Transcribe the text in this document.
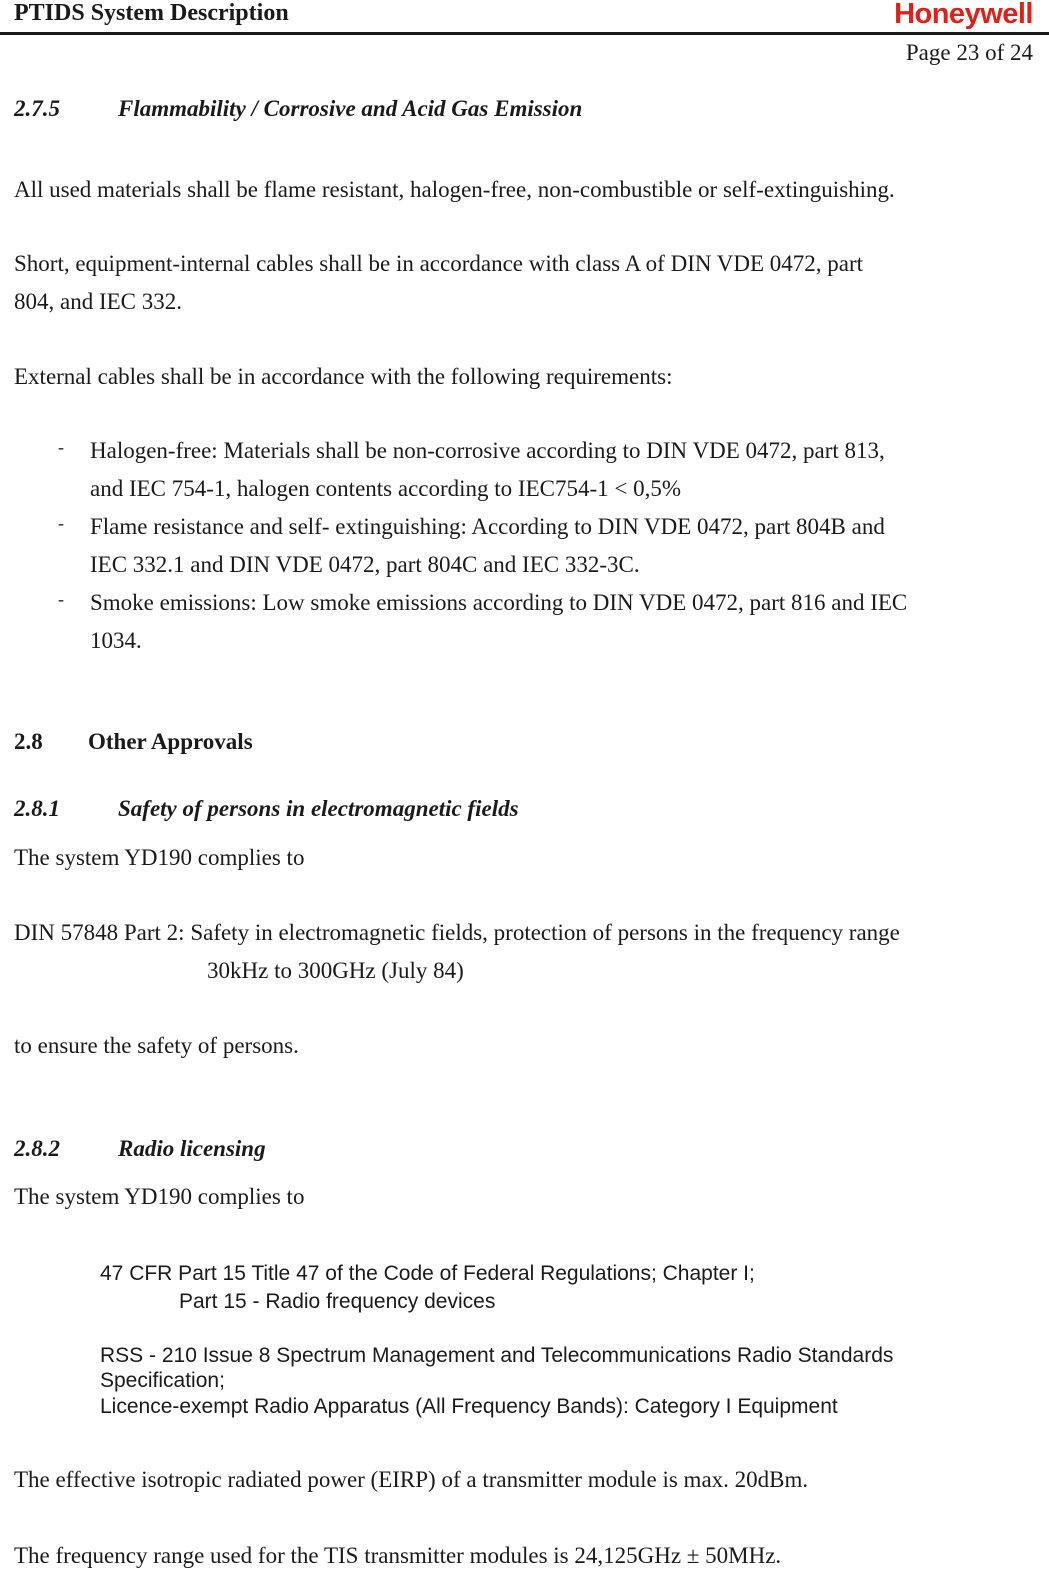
PTIDS System Description	Honeywell
Page 23 of 24
2.7.5	Flammability / Corrosive and Acid Gas Emission
All used materials shall be flame resistant, halogen-free, non-combustible or self-extinguishing.
Short, equipment-internal cables shall be in accordance with class A of DIN VDE 0472, part
804, and IEC 332.
External cables shall be in accordance with the following requirements:
- Halogen-free: Materials shall be non-corrosive according to DIN VDE 0472, part 813,
and IEC 754-1, halogen contents according to IEC754-1 < 0,5%
- Flame resistance and self- extinguishing: According to DIN VDE 0472, part 804B and
IEC 332.1 and DIN VDE 0472, part 804C and IEC 332-3C.
- Smoke emissions: Low smoke emissions according to DIN VDE 0472, part 816 and IEC
1034.
2.8 Other Approvals
2.8.1	Safety of persons in electromagnetic fields
The system YD190 complies to
DIN 57848 Part 2: Safety in electromagnetic fields, protection of persons in the frequency range
30kHz to 300GHz (July 84)
to ensure the safety of persons.
2.8.2	Radio licensing
The system YD190 complies to
47 CFR Part 15 Title 47 of the Code of Federal Regulations; Chapter I;
Part 15 - Radio frequency devices
RSS - 210 Issue 8 Spectrum Management and Telecommunications Radio Standards
Specification;
Licence-exempt Radio Apparatus (All Frequency Bands): Category I Equipment
The effective isotropic radiated power (EIRP) of a transmitter module is max. 20dBm.
The frequency range used for the TIS transmitter modules is 24,125GHz ± 50MHz.
